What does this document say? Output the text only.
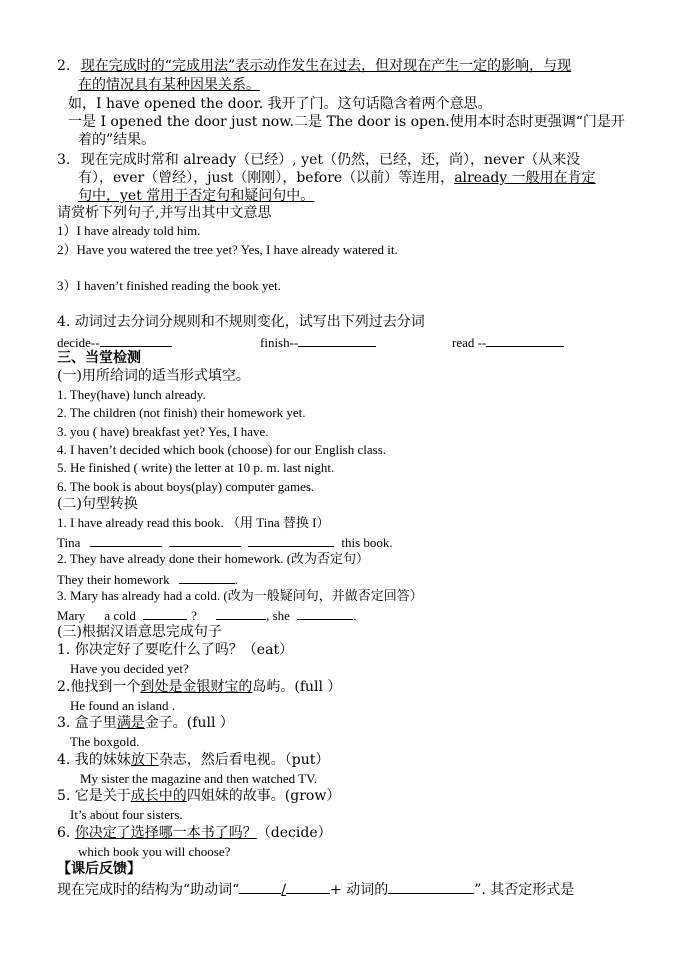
2. 现在完成时的“完成用法”表示动作发生在过去，但对现在产生一定的影响，与现
在的情况具有某种因果关系。
如，I have opened the door. 我开了门。这句话隐含着两个意思。
一是 I opened the door just now.二是 The door is open.使用本时态时更强调“门是开
着的”结果。
3. 现在完成时常和 already（已经）, yet（仍然，已经，还，尚），never（从来没
有），ever（曾经），just（刚刚），before（以前）等连用，already 一般用在肯定
句中，yet 常用于否定句和疑问句中。
请赏析下列句子,并写出其中文意思
1）I have already told him.
2）Have you watered the tree yet? Yes, I have already watered it.
3）I haven’t finished reading the book yet.
4. 动词过去分词分规则和不规则变化，试写出下列过去分词
decide--	finish--	read --
三、当堂检测
(一)用所给词的适当形式填空。
1. They(have) lunch already.
2. The children (not finish) their homework yet.
3. you ( have) breakfast yet? Yes, I have.
4. I haven’t decided which book (choose) for our English class.
5. He finished ( write) the letter at 10 p. m. last night.
6. The book is about boys(play) computer games.
(二)句型转换
1. I have already read this book. （用 Tina 替换 I）
Tina	this book.
2. They have already done their homework. (改为否定句）
They their homework	.
3. Mary has already had a cold. (改为一般疑问句，并做否定回答）
Mary a cold	?	, she	.
(三)根据汉语意思完成句子
1. 你决定好了要吃什么了吗？（eat）
Have you decided yet?
2.他找到一个到处是金银财宝的岛屿。(full ）
He found an island .
3. 盒子里满是金子。(full ）
The boxgold.
4. 我的妹妹放下杂志，然后看电视。（put）
My sister the magazine and then watched TV.
5. 它是关于成长中的四姐妹的故事。(grow）
It’s about four sisters.
6. 你决定了选择哪一本书了吗？（decide）
which book you will choose?
【课后反馈】
现在完成时的结构为“助动词“	/	+ 动词的	”. 其否定形式是
